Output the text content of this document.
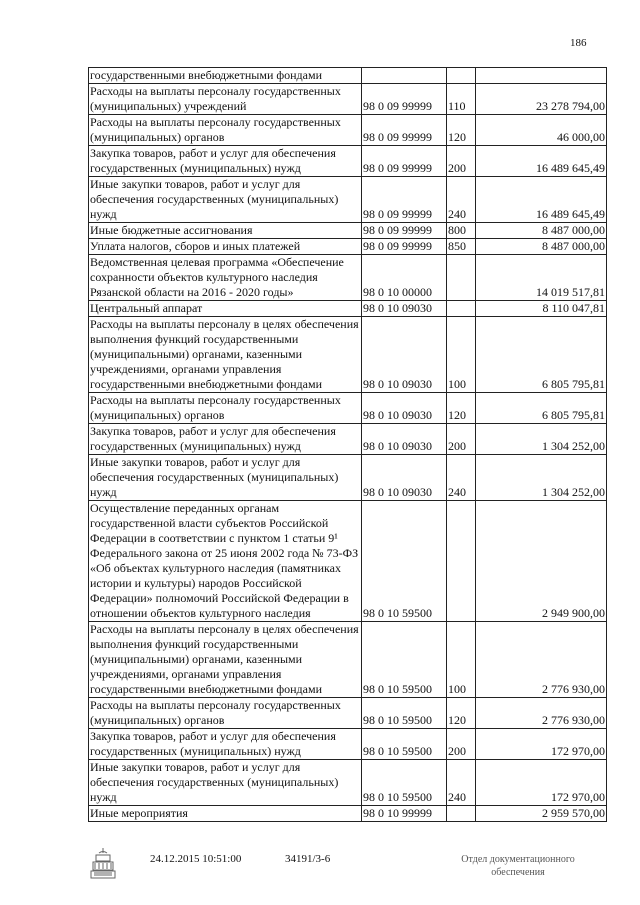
186
государственными внебюджетными фондами			
Расходы на выплаты персоналу государственных (муниципальных) учреждений	98 0 09 99999	110	23 278 794,00
Расходы на выплаты персоналу государственных (муниципальных) органов	98 0 09 99999	120	46 000,00
Закупка товаров, работ и услуг для обеспечения государственных (муниципальных) нужд	98 0 09 99999	200	16 489 645,49
Иные закупки товаров, работ и услуг для обеспечения государственных (муниципальных) нужд	98 0 09 99999	240	16 489 645,49
Иные бюджетные ассигнования	98 0 09 99999	800	8 487 000,00
Уплата налогов, сборов и иных платежей	98 0 09 99999	850	8 487 000,00
Ведомственная целевая программа «Обеспечение сохранности объектов культурного наследия Рязанской области на 2016 - 2020 годы»	98 0 10 00000		14 019 517,81
Центральный аппарат	98 0 10 09030		8 110 047,81
Расходы на выплаты персоналу в целях обеспечения выполнения функций государственными (муниципальными) органами, казенными учреждениями, органами управления государственными внебюджетными фондами	98 0 10 09030	100	6 805 795,81
Расходы на выплаты персоналу государственных (муниципальных) органов	98 0 10 09030	120	6 805 795,81
Закупка товаров, работ и услуг для обеспечения государственных (муниципальных) нужд	98 0 10 09030	200	1 304 252,00
Иные закупки товаров, работ и услуг для обеспечения государственных (муниципальных) нужд	98 0 10 09030	240	1 304 252,00
Осуществление переданных органам государственной власти субъектов Российской Федерации в соответствии с пунктом 1 статьи 9¹ Федерального закона от 25 июня 2002 года № 73-ФЗ «Об объектах культурного наследия (памятниках истории и культуры) народов Российской Федерации» полномочий Российской Федерации в отношении объектов культурного наследия	98 0 10 59500		2 949 900,00
Расходы на выплаты персоналу в целях обеспечения выполнения функций государственными (муниципальными) органами, казенными учреждениями, органами управления государственными внебюджетными фондами	98 0 10 59500	100	2 776 930,00
Расходы на выплаты персоналу государственных (муниципальных) органов	98 0 10 59500	120	2 776 930,00
Закупка товаров, работ и услуг для обеспечения государственных (муниципальных) нужд	98 0 10 59500	200	172 970,00
Иные закупки товаров, работ и услуг для обеспечения государственных (муниципальных) нужд	98 0 10 59500	240	172 970,00
Иные мероприятия	98 0 10 99999		2 959 570,00
24.12.2015 10:51:00	34191/3-6	Отдел документационного обеспечения
